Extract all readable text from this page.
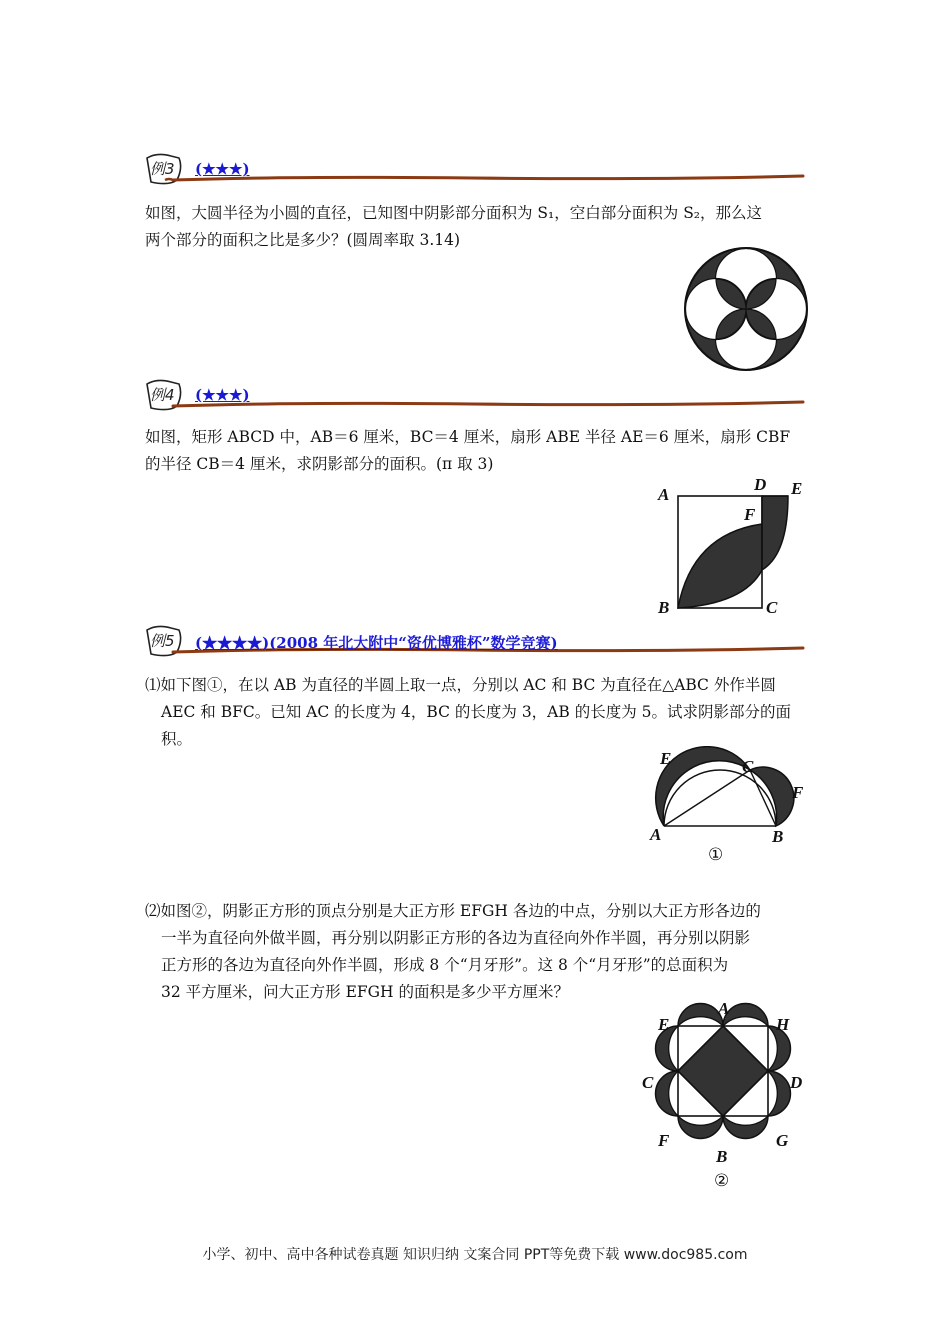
例3 (★★★)
如图，大圆半径为小圆的直径，已知图中阴影部分面积为 S₁，空白部分面积为 S₂，那么这
两个部分的面积之比是多少？(圆周率取 3.14)
例4 (★★★)
如图，矩形 ABCD 中，AB＝6 厘米，BC＝4 厘米，扇形 ABE 半径 AE＝6 厘米，扇形 CBF
的半径 CB＝4 厘米，求阴影部分的面积。(π 取 3)
A
D E
F
B	C
例5 (★★★★)(2008 年北大附中“资优博雅杯”数学竞赛)
⑴如下图①，在以 AB 为直径的半圆上取一点，分别以 AC 和 BC 为直径在△ABC 外作半圆
AEC 和 BFC。已知 AC 的长度为 4，BC 的长度为 3，AB 的长度为 5。试求阴影部分的面
积。
E	C
F
A	B
①
⑵如图②，阴影正方形的顶点分别是大正方形 EFGH 各边的中点，分别以大正方形各边的
一半为直径向外做半圆，再分别以阴影正方形的各边为直径向外作半圆，再分别以阴影
正方形的各边为直径向外作半圆，形成 8 个“月牙形”。这 8 个“月牙形”的总面积为
32 平方厘米，问大正方形 EFGH 的面积是多少平方厘米？
A
E	H
C	D
F	G
B
②
小学、初中、高中各种试卷真题 知识归纳 文案合同 PPT等免费下载 www.doc985.com
